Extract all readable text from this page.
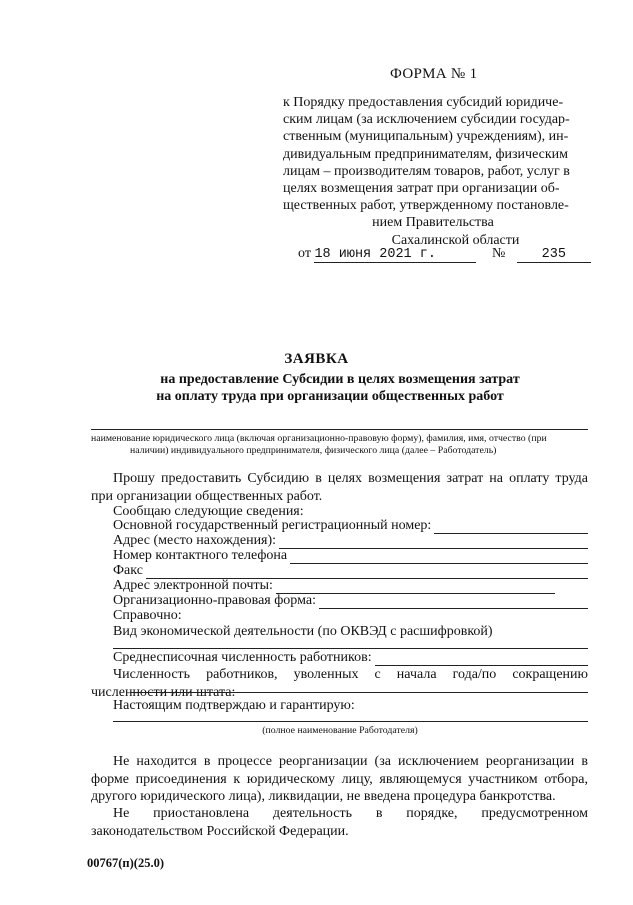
ФОРМА № 1
к Порядку предоставления субсидий юридиче-
ским лицам (за исключением субсидии государ-
ственным (муниципальным) учреждениям), ин-
дивидуальным предпринимателям, физическим
лицам – производителям товаров, работ, услуг в
целях возмещения затрат при организации об-
щественных работ, утвержденному постановле-
нием Правительства
Сахалинской области
от 18 июня 2021 г.	№	235
ЗАЯВКА
на предоставление Субсидии в целях возмещения затрат
на оплату труда при организации общественных работ
наименование юридического лица (включая организационно-правовую форму), фамилия, имя, отчество (при
наличии) индивидуального предпринимателя, физического лица (далее – Работодатель)
Прошу предоставить Субсидию в целях возмещения затрат на оплату труда при организации общественных работ.
Сообщаю следующие сведения:
Основной государственный регистрационный номер:
Адрес (место нахождения):
Номер контактного телефона
Факс
Адрес электронной почты:
Организационно-правовая форма:
Справочно:
Вид экономической деятельности (по ОКВЭД с расшифровкой)
Среднесписочная численность работников:
Численность работников, уволенных с начала года/по сокращению численности или штата:
Настоящим подтверждаю и гарантирую:
(полное наименование Работодателя)
Не находится в процессе реорганизации (за исключением реорганизации в форме присоединения к юридическому лицу, являющемуся участником отбора, другого юридического лица), ликвидации, не введена процедура банкротства.
Не приостановлена деятельность в порядке, предусмотренном законодательством Российской Федерации.
00767(п)(25.0)
